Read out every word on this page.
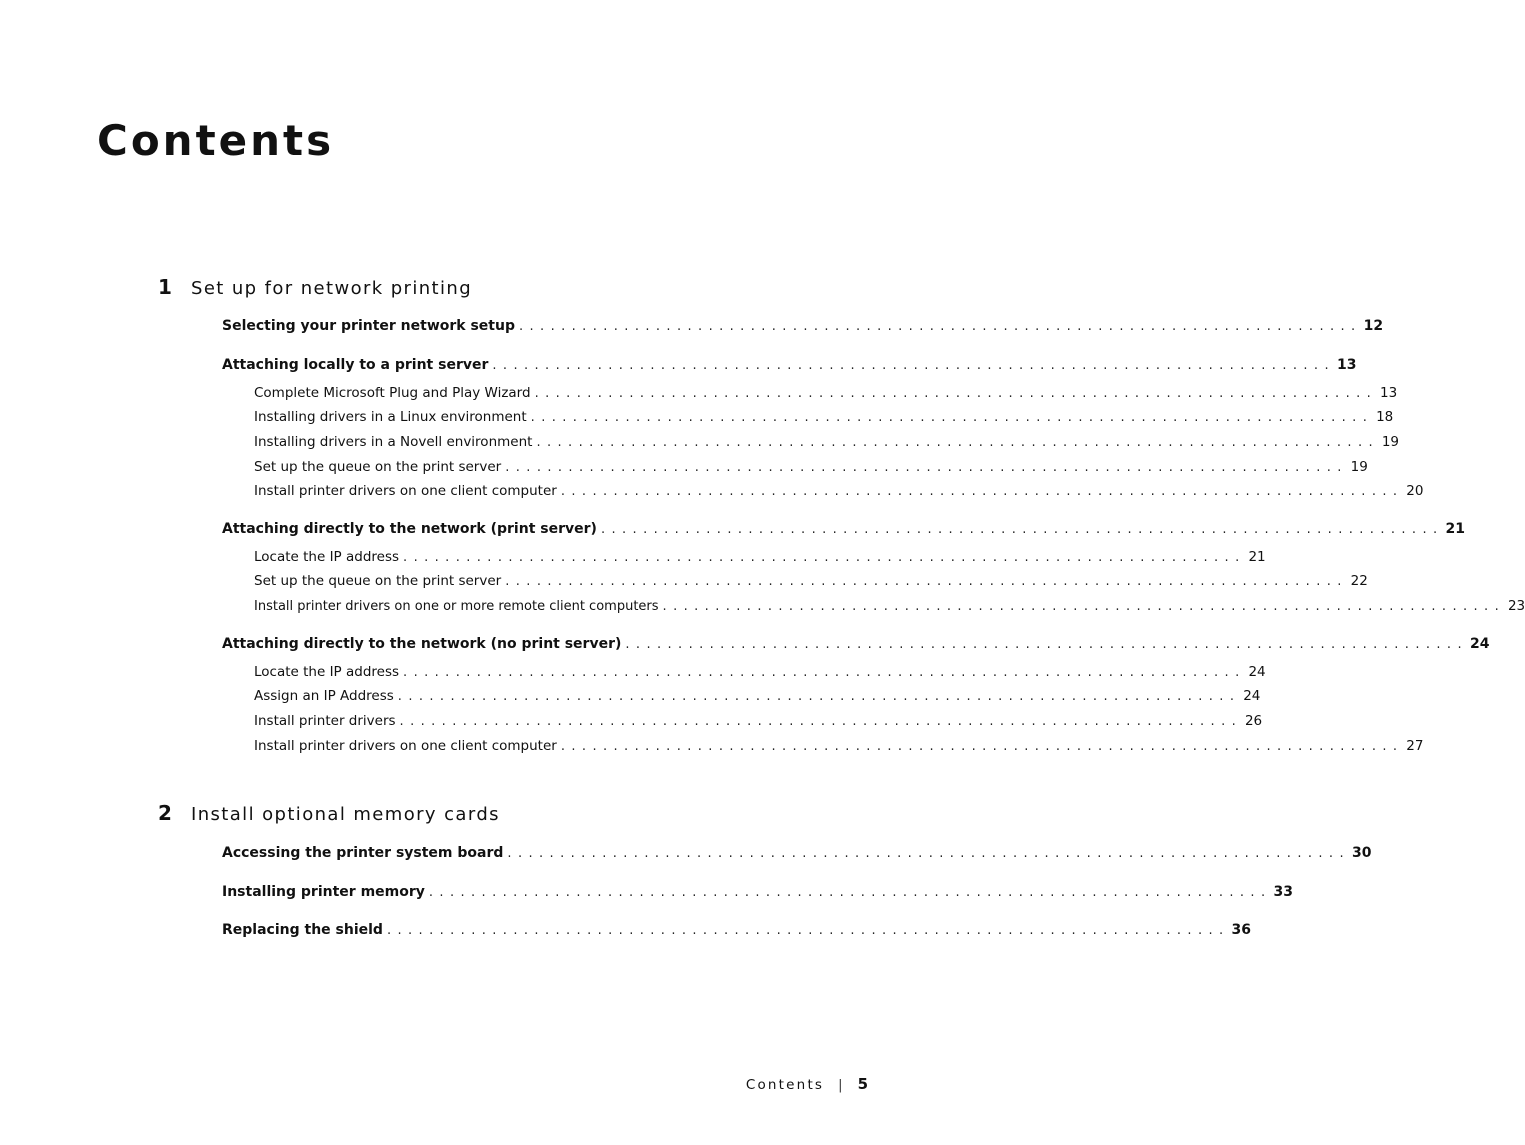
Contents
1	Set up for network printing
Selecting your printer network setup ................................................................................ 12
Attaching locally to a print server ................................................................................ 13
Complete Microsoft Plug and Play Wizard ................................................................................ 13
Installing drivers in a Linux environment ................................................................................ 18
Installing drivers in a Novell environment ................................................................................ 19
Set up the queue on the print server ................................................................................ 19
Install printer drivers on one client computer ................................................................................ 20
Attaching directly to the network (print server) ................................................................................ 21
Locate the IP address ................................................................................ 21
Set up the queue on the print server ................................................................................ 22
Install printer drivers on one or more remote client computers ................................................................................ 23
Attaching directly to the network (no print server) ................................................................................ 24
Locate the IP address ................................................................................ 24
Assign an IP Address ................................................................................ 24
Install printer drivers ................................................................................ 26
Install printer drivers on one client computer ................................................................................ 27
2	Install optional memory cards
Accessing the printer system board ................................................................................ 30
Installing printer memory ................................................................................ 33
Replacing the shield ................................................................................ 36
Contents | 5
